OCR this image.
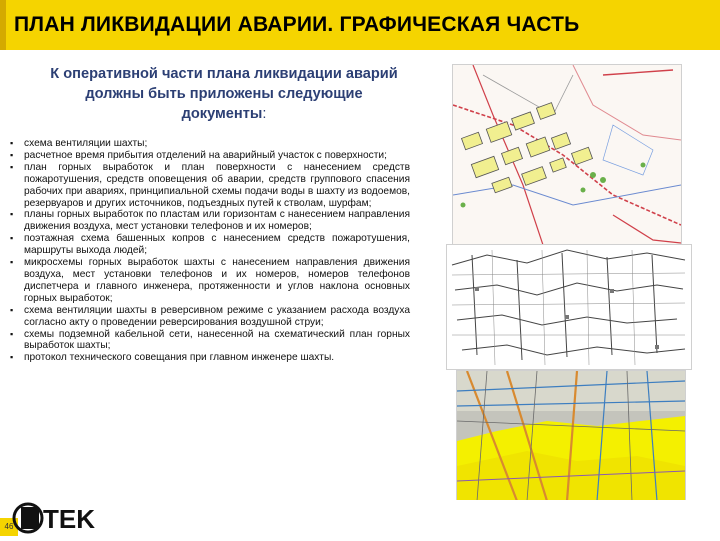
ПЛАН ЛИКВИДАЦИИ АВАРИИ. ГРАФИЧЕСКАЯ ЧАСТЬ
К оперативной части плана ликвидации аварий должны быть приложены следующие документы:
▪ схема вентиляции шахты;
▪ расчетное время прибытия отделений на аварийный участок с поверхности;
▪ план горных выработок и план поверхности с нанесением средств пожаротушения, средств оповещения об аварии, средств группового спасения рабочих при авариях, принципиальной схемы подачи воды в шахту из водоемов, резервуаров и других источников, подъездных путей к стволам, шурфам;
▪ планы горных выработок по пластам или горизонтам с нанесением направления движения воздуха, мест установки телефонов и их номеров;
▪ поэтажная схема башенных копров с нанесением средств пожаротушения, маршруты выхода людей;
▪ микросхемы горных выработок шахты с нанесением направления движения воздуха, мест установки телефонов и их номеров, номеров телефонов диспетчера и главного инженера, протяженности и углов наклона основных горных выработок;
▪ схема вентиляции шахты в реверсивном режиме с указанием расхода воздуха согласно акту о проведении реверсирования воздушной струи;
▪ схемы подземной кабельной сети, нанесенной на схематический план горных выработок шахты;
▪ протокол технического совещания при главном инженере шахты.
46 TEK
